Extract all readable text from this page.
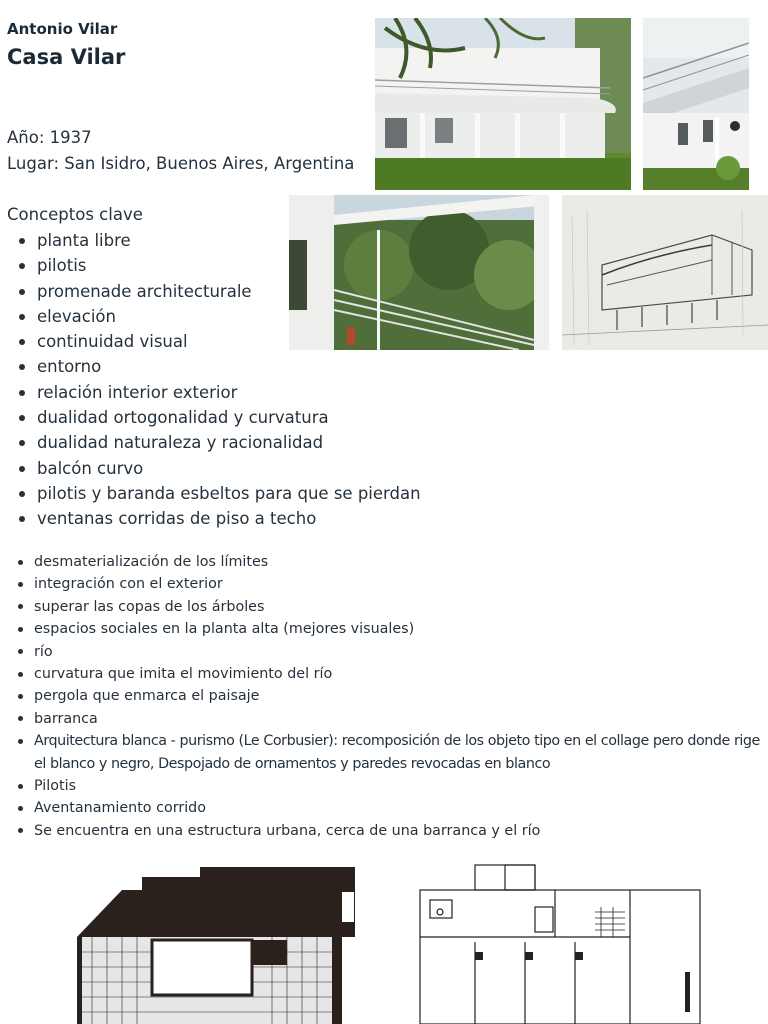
Antonio Vilar
Casa Vilar
Año: 1937
Lugar: San Isidro, Buenos Aires, Argentina
Conceptos clave
planta libre
pilotis
promenade architecturale
elevación
continuidad visual
entorno
relación interior exterior
dualidad ortogonalidad y curvatura
dualidad naturaleza y racionalidad
balcón curvo
pilotis y baranda esbeltos para que se pierdan
ventanas corridas de piso a techo
desmaterialización de los límites
integración con el exterior
superar las copas de los árboles
espacios sociales en la planta alta (mejores visuales)
río
curvatura que imita el movimiento del río
pergola que enmarca el paisaje
barranca
Arquitectura blanca - purismo (Le Corbusier): recomposición de los objeto tipo en el collage pero donde rige el blanco y negro, Despojado de ornamentos y paredes revocadas en blanco
Pilotis
Aventanamiento corrido
Se encuentra en una estructura urbana, cerca de una barranca y el río
